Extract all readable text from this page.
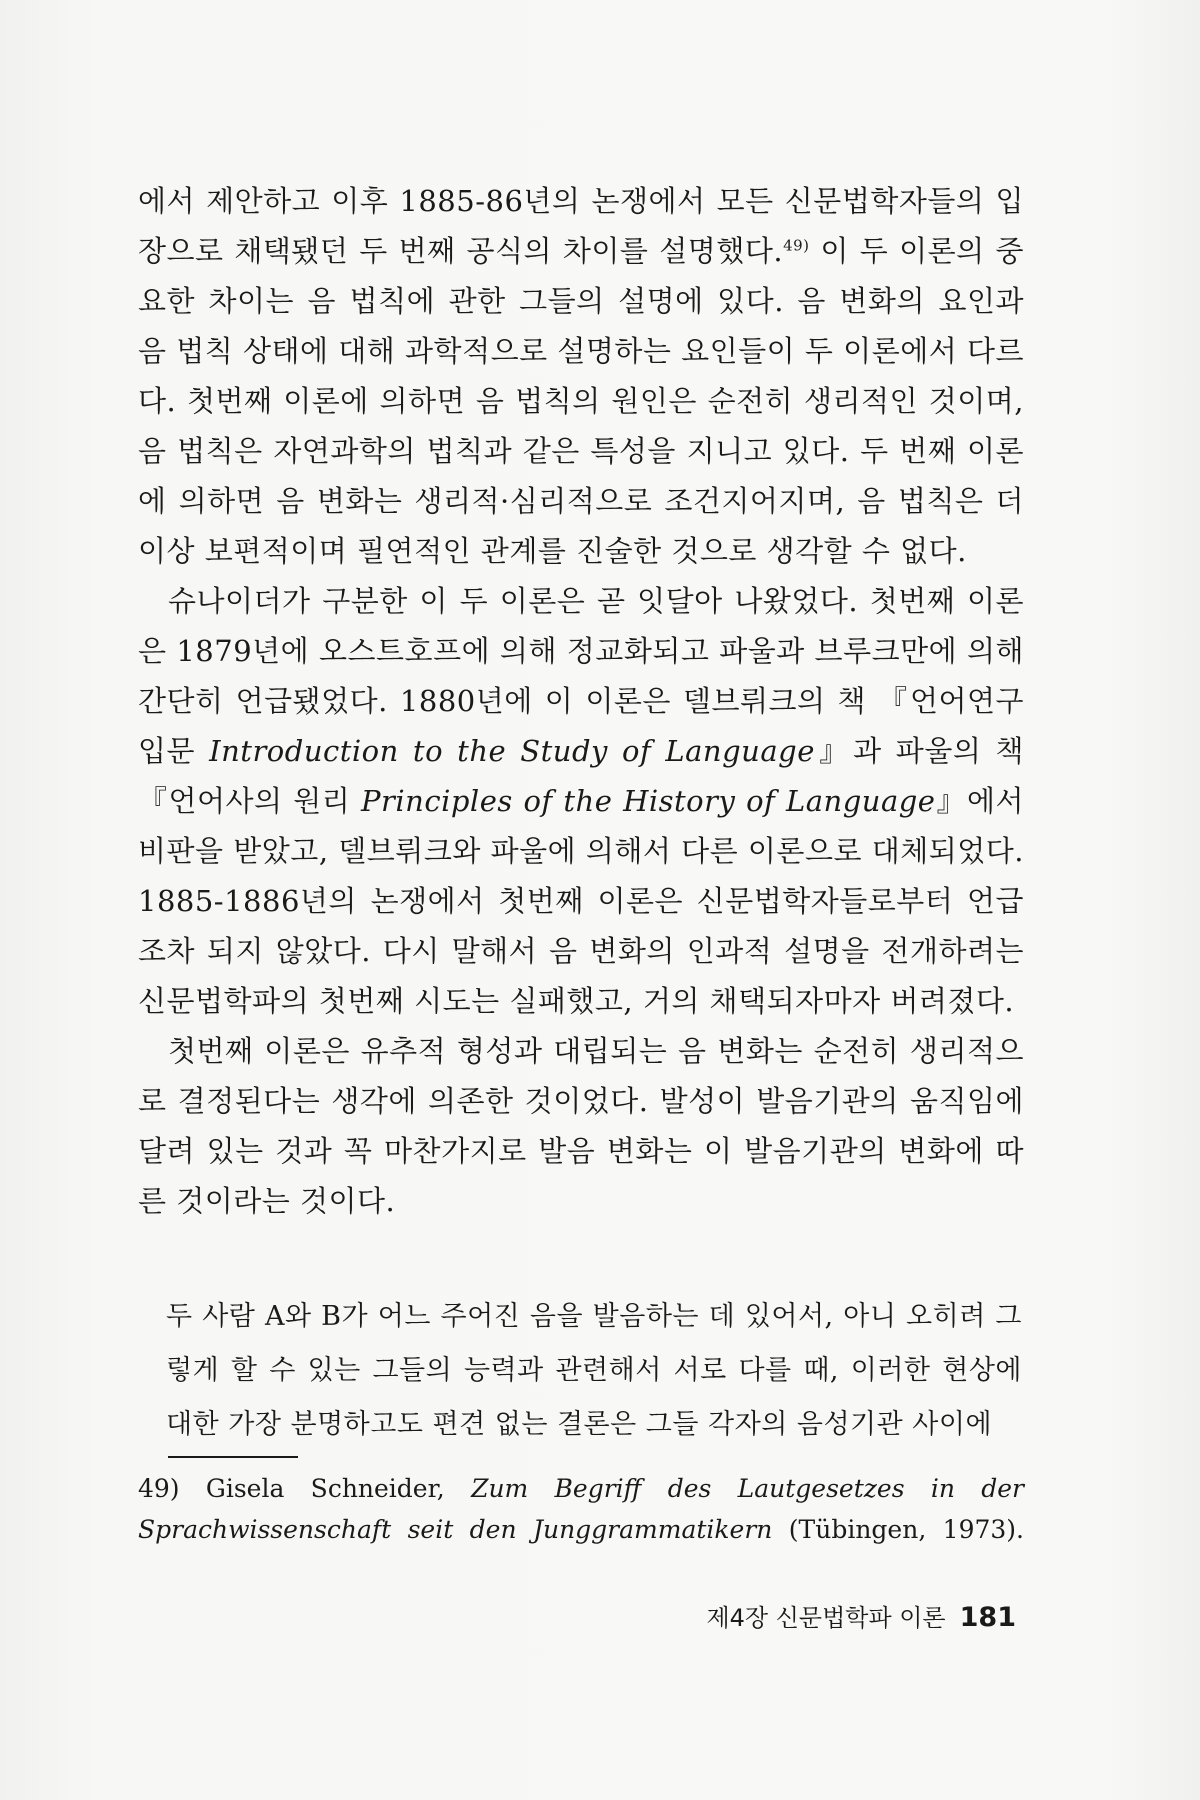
에서 제안하고 이후 1885-86년의 논쟁에서 모든 신문법학자들의 입장으로 채택됐던 두 번째 공식의 차이를 설명했다.$^{49)}$ 이 두 이론의 중요한 차이는 음 법칙에 관한 그들의 설명에 있다. 음 변화의 요인과 음 법칙 상태에 대해 과학적으로 설명하는 요인들이 두 이론에서 다르다. 첫번째 이론에 의하면 음 법칙의 원인은 순전히 생리적인 것이며, 음 법칙은 자연과학의 법칙과 같은 특성을 지니고 있다. 두 번째 이론에 의하면 음 변화는 생리적·심리적으로 조건지어지며, 음 법칙은 더 이상 보편적이며 필연적인 관계를 진술한 것으로 생각할 수 없다.

슈나이더가 구분한 이 두 이론은 곧 잇달아 나왔었다. 첫번째 이론은 1879년에 오스트호프에 의해 정교화되고 파울과 브루크만에 의해 간단히 언급됐었다. 1880년에 이 이론은 델브뤼크의 책 『언어연구입문 Introduction to the Study of Language』과 파울의 책 『언어사의 원리 Principles of the History of Language』에서 비판을 받았고, 델브뤼크와 파울에 의해서 다른 이론으로 대체되었다. 1885-1886년의 논쟁에서 첫번째 이론은 신문법학자들로부터 언급조차 되지 않았다. 다시 말해서 음 변화의 인과적 설명을 전개하려는 신문법학파의 첫번째 시도는 실패했고, 거의 채택되자마자 버려졌다.

첫번째 이론은 유추적 형성과 대립되는 음 변화는 순전히 생리적으로 결정된다는 생각에 의존한 것이었다. 발성이 발음기관의 움직임에 달려 있는 것과 꼭 마찬가지로 발음 변화는 이 발음기관의 변화에 따른 것이라는 것이다.

두 사람 A와 B가 어느 주어진 음을 발음하는 데 있어서, 아니 오히려 그렇게 할 수 있는 그들의 능력과 관련해서 서로 다를 때, 이러한 현상에 대한 가장 분명하고도 편견 없는 결론은 그들 각자의 음성기관 사이에
49) Gisela Schneider, Zum Begriff des Lautgesetzes in der Sprachwissenschaft seit den Junggrammatikern (Tübingen, 1973).
제4장 신문법학파 이론 181
